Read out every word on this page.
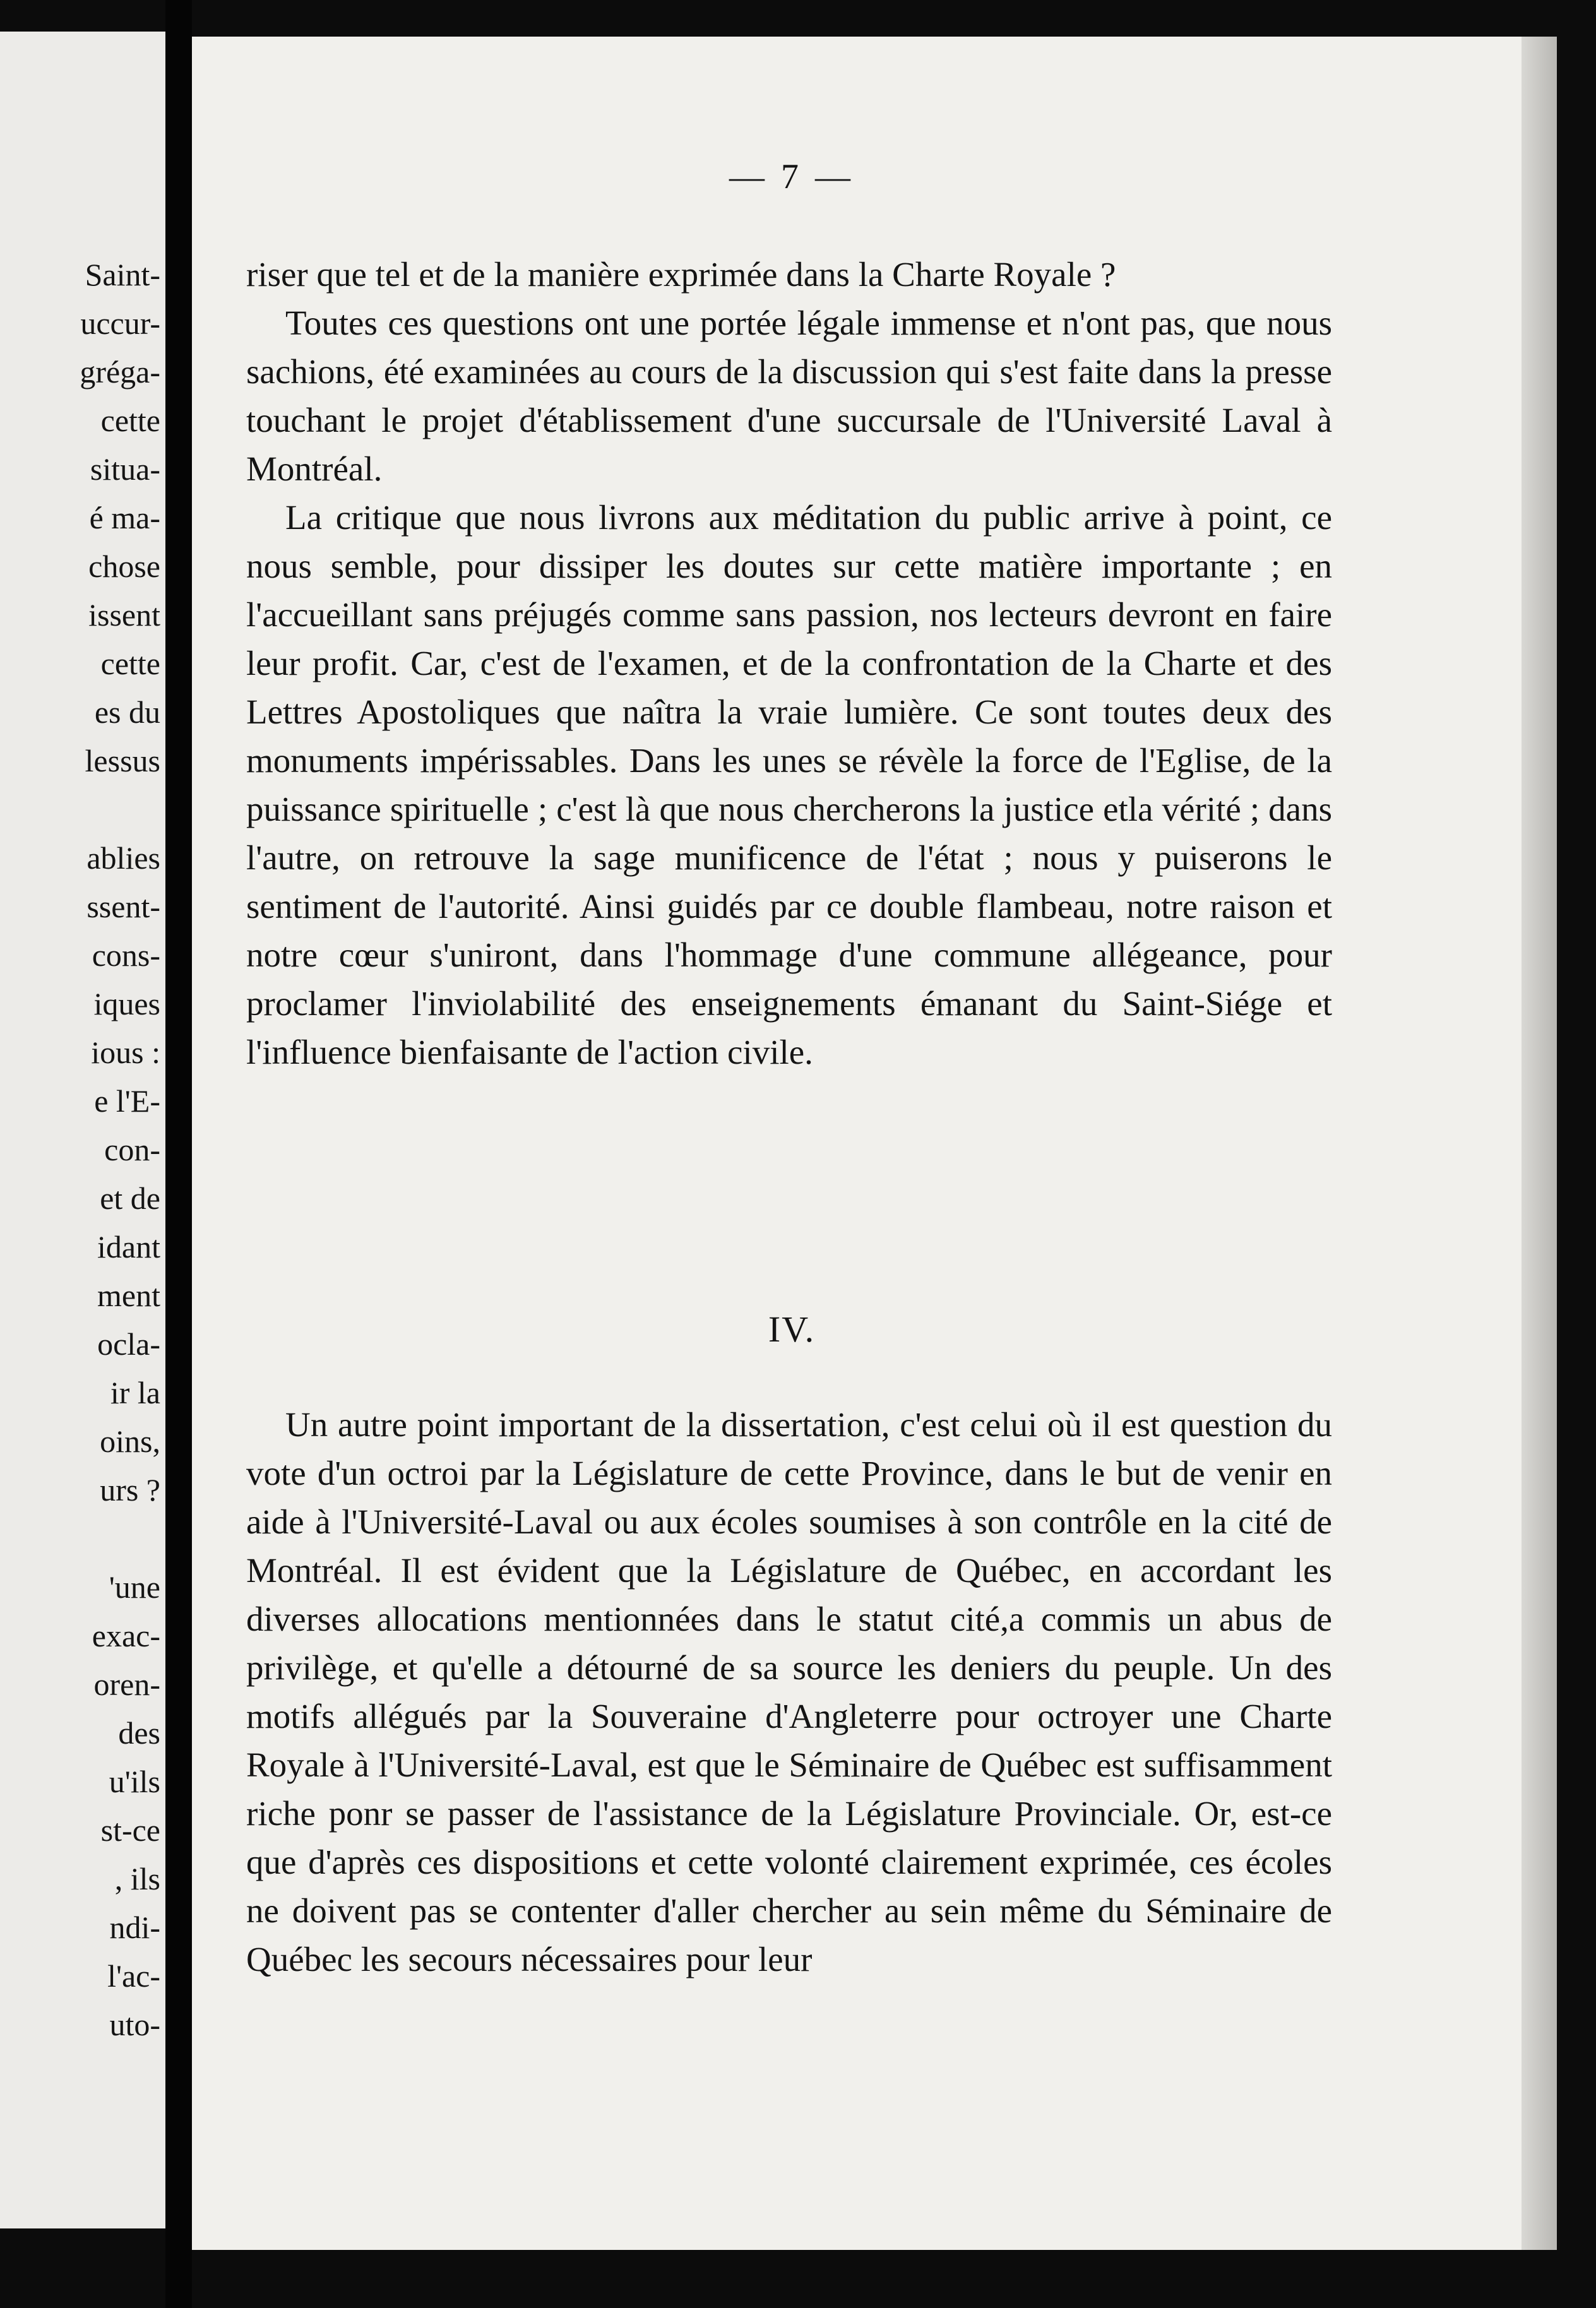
Saint-
uccur-
gréga-
cette
situa-
é ma-
chose
issent
cette
es du
lessus
ablies
ssent-
cons-
iques
ious :
e l'E-
con-
et de
idant
ment
ocla-
ir la
oins,
urs ?
'une
exac-
oren-
des
u'ils
st-ce
, ils
ndi-
l'ac-
uto-
— 7 —

riser que tel et de la manière exprimée dans la Charte Royale ?

Toutes ces questions ont une portée légale immense et n'ont pas, que nous sachions, été examinées au cours de la discussion qui s'est faite dans la presse touchant le projet d'établissement d'une succursale de l'Université Laval à Montréal.

La critique que nous livrons aux méditation du public arrive à point, ce nous semble, pour dissiper les doutes sur cette matière importante ; en l'accueillant sans préjugés comme sans passion, nos lecteurs devront en faire leur profit. Car, c'est de l'examen, et de la confrontation de la Charte et des Lettres Apostoliques que naîtra la vraie lumière. Ce sont toutes deux des monuments impérissables. Dans les unes se révèle la force de l'Eglise, de la puissance spirituelle ; c'est là que nous chercherons la justice etla vérité ; dans l'autre, on retrouve la sage munificence de l'état ; nous y puiserons le sentiment de l'autorité. Ainsi guidés par ce double flambeau, notre raison et notre cœur s'uniront, dans l'hommage d'une commune allégeance, pour proclamer l'inviolabilité des enseignements émanant du Saint-Siége et l'influence bienfaisante de l'action civile.

IV.

Un autre point important de la dissertation, c'est celui où il est question du vote d'un octroi par la Législature de cette Province, dans le but de venir en aide à l'Université-Laval ou aux écoles soumises à son contrôle en la cité de Montréal. Il est évident que la Législature de Québec, en accordant les diverses allocations mentionnées dans le statut cité,a commis un abus de privilège, et qu'elle a détourné de sa source les deniers du peuple. Un des motifs allégués par la Souveraine d'Angleterre pour octroyer une Charte Royale à l'Université-Laval, est que le Séminaire de Québec est suffisamment riche ponr se passer de l'assistance de la Législature Provinciale. Or, est-ce que d'après ces dispositions et cette volonté clairement exprimée, ces écoles ne doivent pas se contenter d'aller chercher au sein même du Séminaire de Québec les secours nécessaires pour leur
